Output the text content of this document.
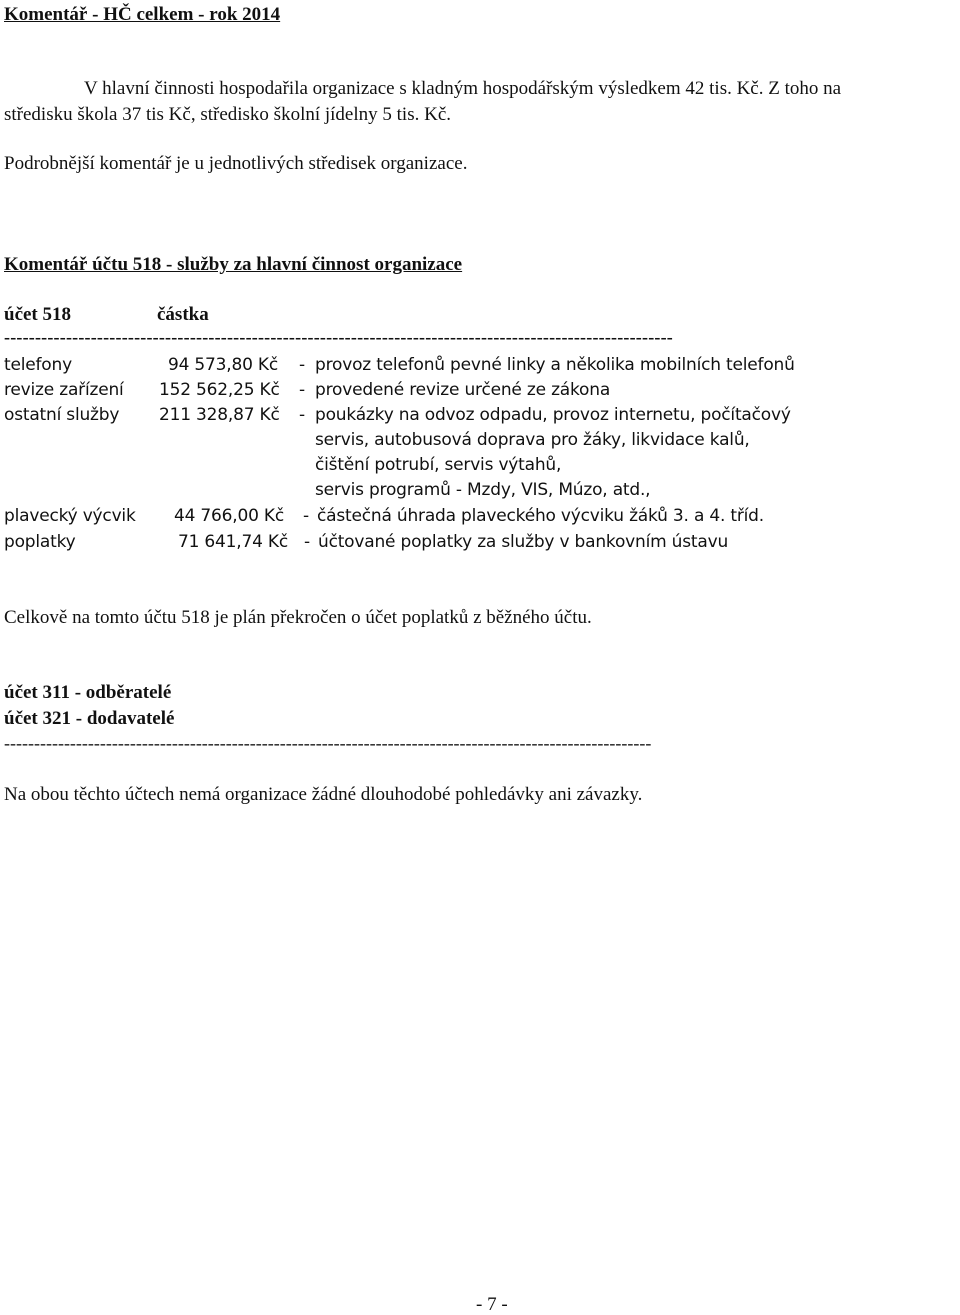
Komentář - HČ celkem - rok 2014
V hlavní činnosti hospodařila organizace s kladným hospodářským výsledkem 42 tis. Kč. Z toho na
středisku škola 37 tis Kč, středisko školní jídelny 5 tis. Kč.
Podrobnější komentář je u jednotlivých středisek organizace.
Komentář účtu 518 - služby za hlavní činnost organizace
účet 518	částka
------------------------------------------------------------------------------------------------------------
telefony	94 573,80 Kč - provoz telefonů pevné linky a několika mobilních telefonů
revize zařízení 152 562,25 Kč - provedené revize určené ze zákona
ostatní služby 211 328,87 Kč - poukázky na odvoz odpadu, provoz internetu, počítačový
servis, autobusová doprava pro žáky, likvidace kalů,
čištění potrubí, servis výtahů,
servis programů - Mzdy, VIS, Múzo, atd.,
plavecký výcvik 44 766,00 Kč - částečná úhrada plaveckého výcviku žáků 3. a 4. tříd.
poplatky	71 641,74 Kč - účtované poplatky za služby v bankovním ústavu
Celkově na tomto účtu 518 je plán překročen o účet poplatků z běžného účtu.
účet 311 - odběratelé
účet 321 - dodavatelé
------------------------------------------------------------------------------------------------------------
Na obou těchto účtech nemá organizace žádné dlouhodobé pohledávky ani závazky.
- 7 -
